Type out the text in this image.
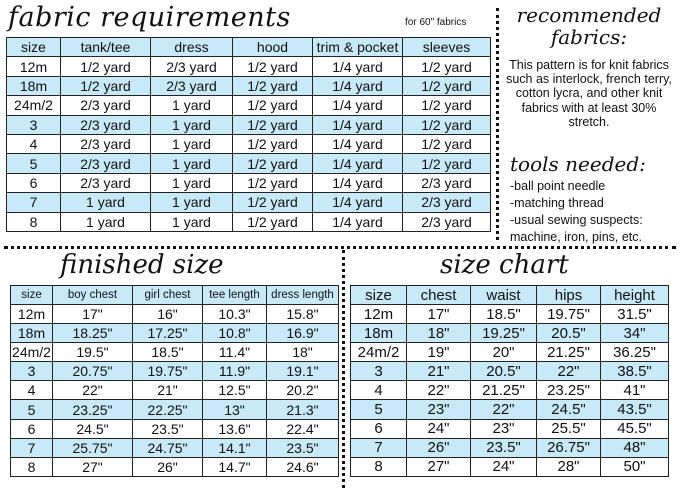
fabric requirements	for 60" fabrics
size	tank/tee	dress	hood	trim & pocket	sleeves
12m	1/2 yard	2/3 yard	1/2 yard	1/4 yard	1/2 yard
18m	1/2 yard	2/3 yard	1/2 yard	1/4 yard	1/2 yard
24m/2	2/3 yard	1 yard	1/2 yard	1/4 yard	1/2 yard
3	2/3 yard	1 yard	1/2 yard	1/4 yard	1/2 yard
4	2/3 yard	1 yard	1/2 yard	1/4 yard	1/2 yard
5	2/3 yard	1 yard	1/2 yard	1/4 yard	1/2 yard
6	2/3 yard	1 yard	1/2 yard	1/4 yard	2/3 yard
7	1 yard	1 yard	1/2 yard	1/4 yard	2/3 yard
8	1 yard	1 yard	1/2 yard	1/4 yard	2/3 yard
recommended fabrics:
This pattern is for knit fabrics such as interlock, french terry, cotton lycra, and other knit fabrics with at least 30% stretch.
tools needed:
-ball point needle
-matching thread
-usual sewing suspects:
machine, iron, pins, etc.
finished size
size	boy chest	girl chest	tee length	dress length
12m	17"	16"	10.3"	15.8"
18m	18.25"	17.25"	10.8"	16.9"
24m/2	19.5"	18.5"	11.4"	18"
3	20.75"	19.75"	11.9"	19.1"
4	22"	21"	12.5"	20.2"
5	23.25"	22.25"	13"	21.3"
6	24.5"	23.5"	13.6"	22.4"
7	25.75"	24.75"	14.1"	23.5"
8	27"	26"	14.7"	24.6"
size chart
size	chest	waist	hips	height
12m	17"	18.5"	19.75"	31.5"
18m	18"	19.25"	20.5"	34"
24m/2	19"	20"	21.25"	36.25"
3	21"	20.5"	22"	38.5"
4	22"	21.25"	23.25"	41"
5	23"	22"	24.5"	43.5"
6	24"	23"	25.5"	45.5"
7	26"	23.5"	26.75"	48"
8	27"	24"	28"	50"
